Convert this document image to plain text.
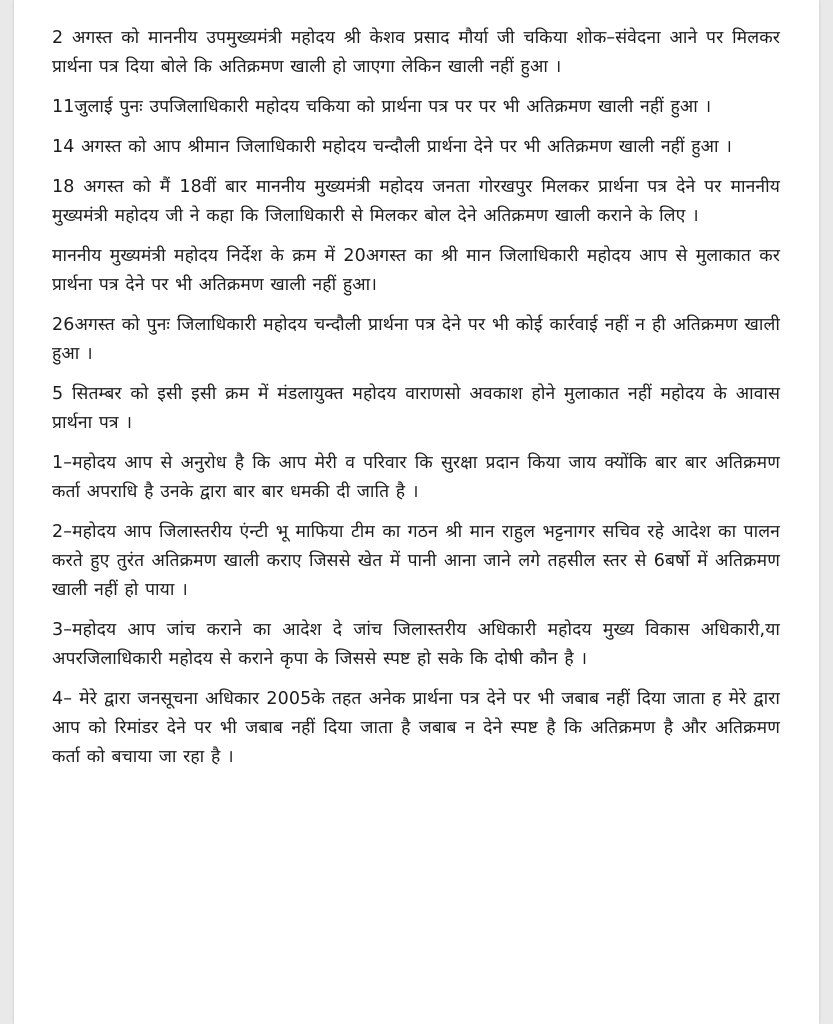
2 अगस्त को माननीय उपमुख्यमंत्री महोदय श्री केशव प्रसाद मौर्या जी चकिया शोक–संवेदना आने पर मिलकर प्रार्थना पत्र दिया बोले कि अतिक्रमण खाली हो जाएगा लेकिन खाली नहीं हुआ ।

11जुलाई पुनः उपजिलाधिकारी महोदय चकिया को प्रार्थना पत्र पर पर भी अतिक्रमण खाली नहीं हुआ ।

14 अगस्त को आप श्रीमान जिलाधिकारी महोदय चन्दौली प्रार्थना देने पर भी अतिक्रमण खाली नहीं हुआ ।

18 अगस्त को मैं 18वीं बार माननीय मुख्यमंत्री महोदय जनता गोरखपुर मिलकर प्रार्थना पत्र देने पर माननीय मुख्यमंत्री महोदय जी ने कहा कि जिलाधिकारी से मिलकर बोल देने अतिक्रमण खाली कराने के लिए ।

माननीय मुख्यमंत्री महोदय निर्देश के क्रम में 20अगस्त का श्री मान जिलाधिकारी महोदय आप से मुलाकात कर प्रार्थना पत्र देने पर भी अतिक्रमण खाली नहीं हुआ।

26अगस्त को पुनः जिलाधिकारी महोदय चन्दौली प्रार्थना पत्र देने पर भी कोई कार्रवाई नहीं न ही अतिक्रमण खाली हुआ ।

5 सितम्बर को इसी इसी क्रम में मंडलायुक्त महोदय वाराणसो अवकाश होने मुलाकात नहीं महोदय के आवास प्रार्थना पत्र ।

1–महोदय आप से अनुरोध है कि आप मेरी व परिवार कि सुरक्षा प्रदान किया जाय क्योंकि बार बार अतिक्रमण कर्ता अपराधि है उनके द्वारा बार बार धमकी दी जाति है ।

2–महोदय आप जिलास्तरीय एंन्टी भू माफिया टीम का गठन श्री मान राहुल भट्टनागर सचिव रहे आदेश का पालन करते हुए तुरंत अतिक्रमण खाली कराए जिससे खेत में पानी आना जाने लगे तहसील स्तर से 6बर्षो में अतिक्रमण खाली नहीं हो पाया ।

3–महोदय आप जांच कराने का आदेश दे जांच जिलास्तरीय अधिकारी महोदय मुख्य विकास अधिकारी,या अपरजिलाधिकारी महोदय से कराने कृपा के जिससे स्पष्ट हो सके कि दोषी कौन है ।

4– मेरे द्वारा जनसूचना अधिकार 2005के तहत अनेक प्रार्थना पत्र देने पर भी जबाब नहीं दिया जाता ह मेरे द्वारा आप को रिमांडर देने पर भी जबाब नहीं दिया जाता है जबाब न देने स्पष्ट है कि अतिक्रमण है और अतिक्रमण कर्ता को बचाया जा रहा है ।
